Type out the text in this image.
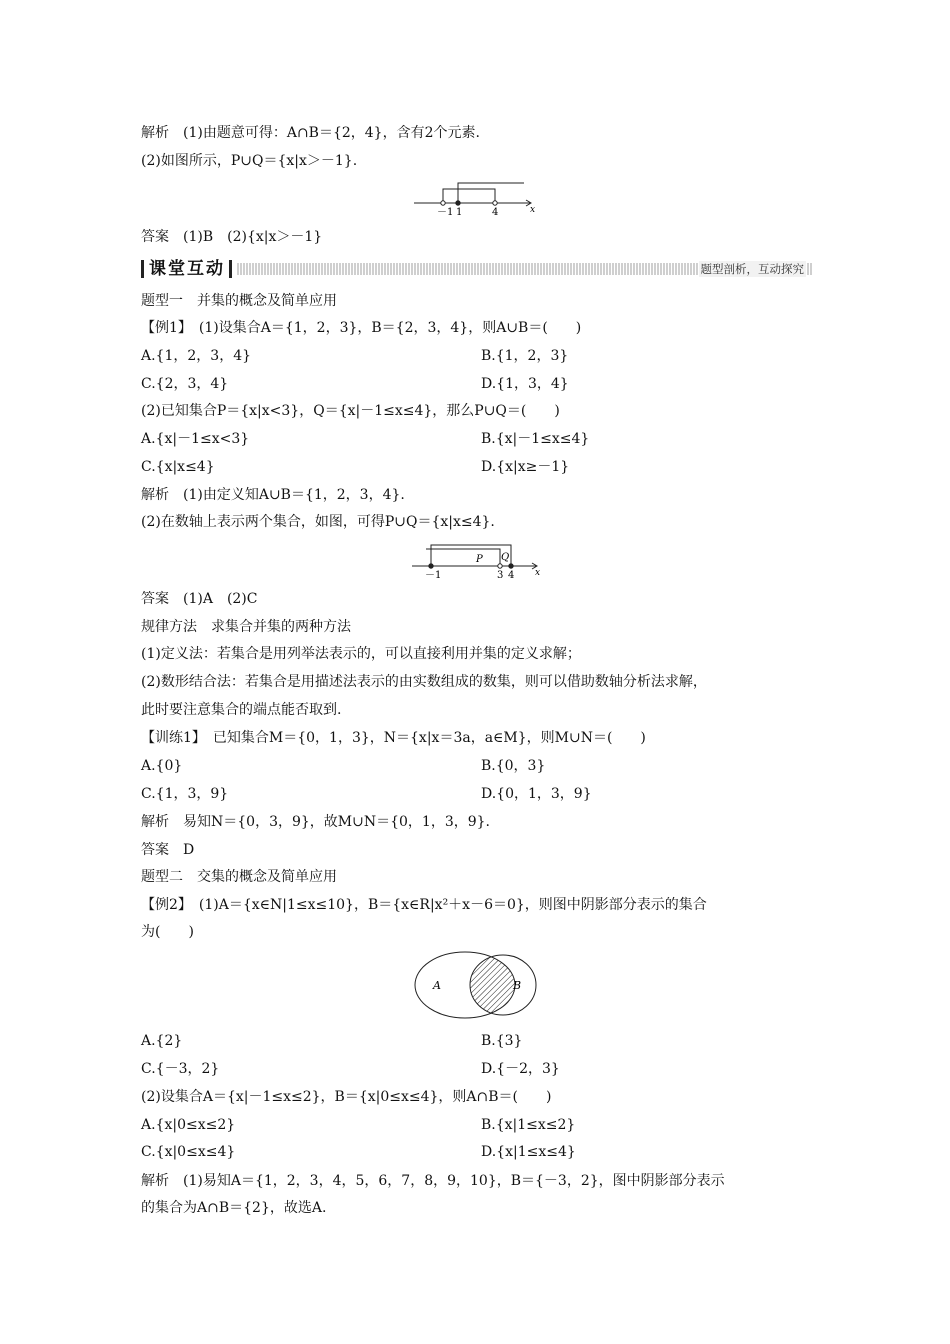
解析　(1)由题意可得：A∩B＝{2，4}，含有2个元素.
(2)如图所示，P∪Q＝{x|x＞－1}.
－1 1	4	x
答案　(1)B　(2){x|x＞－1}
课堂互动	题型剖析，互动探究
题型一　并集的概念及简单应用
【例1】　(1)设集合A＝{1，2，3}，B＝{2，3，4}，则A∪B＝(　　)
A.{1，2，3，4}	B.{1，2，3}
C.{2，3，4}	D.{1，3，4}
(2)已知集合P＝{x|x<3}，Q＝{x|－1≤x≤4}，那么P∪Q＝(　　)
A.{x|－1≤x<3}	B.{x|－1≤x≤4}
C.{x|x≤4}	D.{x|x≥－1}
解析　(1)由定义知A∪B＝{1，2，3，4}.
(2)在数轴上表示两个集合，如图，可得P∪Q＝{x|x≤4}.
P Q
－1	3 4 x
答案　(1)A　(2)C
规律方法　求集合并集的两种方法
(1)定义法：若集合是用列举法表示的，可以直接利用并集的定义求解；
(2)数形结合法：若集合是用描述法表示的由实数组成的数集，则可以借助数轴分析法求解，
此时要注意集合的端点能否取到.
【训练1】　已知集合M＝{0，1，3}，N＝{x|x＝3a，a∈M}，则M∪N＝(　　)
A.{0}	B.{0，3}
C.{1，3，9}	D.{0，1，3，9}
解析　易知N＝{0，3，9}，故M∪N＝{0，1，3，9}.
答案　D
题型二　交集的概念及简单应用
【例2】　(1)A＝{x∈N|1≤x≤10}，B＝{x∈R|x²＋x－6＝0}，则图中阴影部分表示的集合
为(　　)
A	B
A.{2}	B.{3}
C.{－3，2}	D.{－2，3}
(2)设集合A＝{x|－1≤x≤2}，B＝{x|0≤x≤4}，则A∩B＝(　　)
A.{x|0≤x≤2}	B.{x|1≤x≤2}
C.{x|0≤x≤4}	D.{x|1≤x≤4}
解析　(1)易知A＝{1，2，3，4，5，6，7，8，9，10}，B＝{－3，2}，图中阴影部分表示
的集合为A∩B＝{2}，故选A.
